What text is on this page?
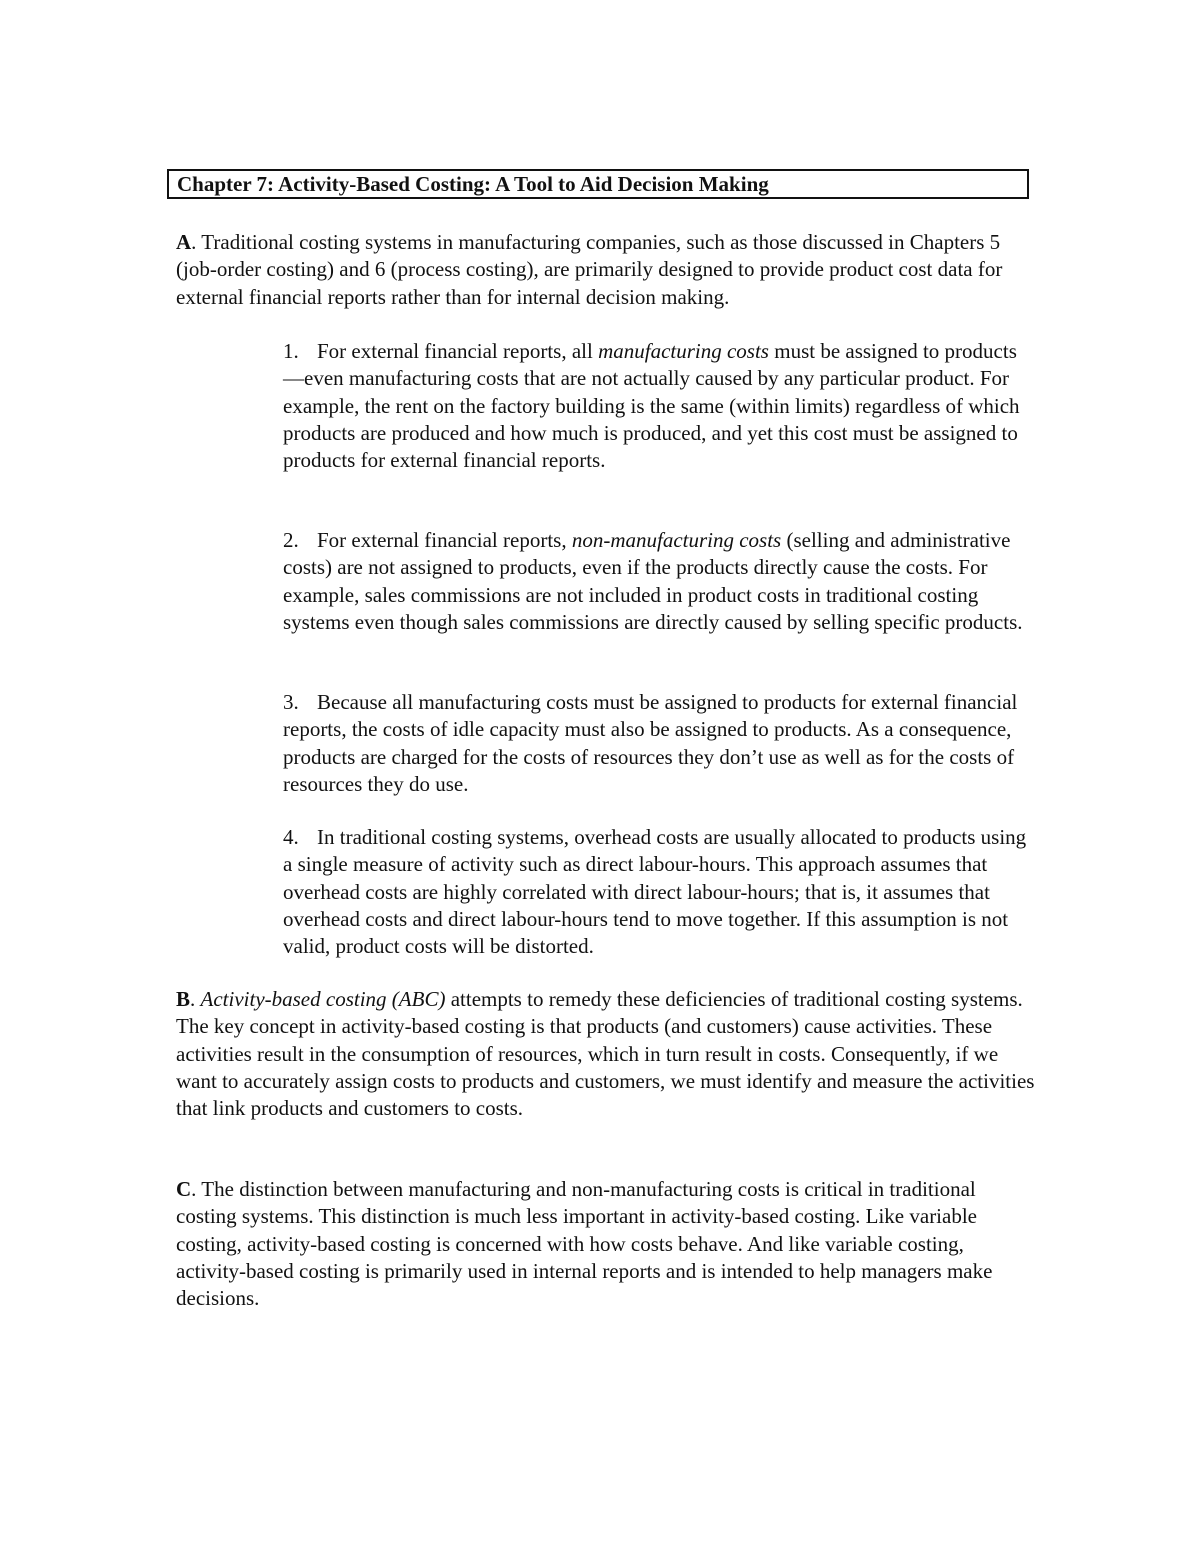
Chapter 7: Activity-Based Costing: A Tool to Aid Decision Making

A. Traditional costing systems in manufacturing companies, such as those discussed in Chapters 5 (job-order costing) and 6 (process costing), are primarily designed to provide product cost data for external financial reports rather than for internal decision making.

1. For external financial reports, all manufacturing costs must be assigned to products—even manufacturing costs that are not actually caused by any particular product. For example, the rent on the factory building is the same (within limits) regardless of which products are produced and how much is produced, and yet this cost must be assigned to products for external financial reports.

2. For external financial reports, non-manufacturing costs (selling and administrative costs) are not assigned to products, even if the products directly cause the costs. For example, sales commissions are not included in product costs in traditional costing systems even though sales commissions are directly caused by selling specific products.

3. Because all manufacturing costs must be assigned to products for external financial reports, the costs of idle capacity must also be assigned to products. As a consequence, products are charged for the costs of resources they don’t use as well as for the costs of resources they do use.

4. In traditional costing systems, overhead costs are usually allocated to products using a single measure of activity such as direct labour-hours. This approach assumes that overhead costs are highly correlated with direct labour-hours; that is, it assumes that overhead costs and direct labour-hours tend to move together. If this assumption is not valid, product costs will be distorted.

B. Activity-based costing (ABC) attempts to remedy these deficiencies of traditional costing systems. The key concept in activity-based costing is that products (and customers) cause activities. These activities result in the consumption of resources, which in turn result in costs. Consequently, if we want to accurately assign costs to products and customers, we must identify and measure the activities that link products and customers to costs.

C. The distinction between manufacturing and non-manufacturing costs is critical in traditional costing systems. This distinction is much less important in activity-based costing. Like variable costing, activity-based costing is concerned with how costs behave. And like variable costing, activity-based costing is primarily used in internal reports and is intended to help managers make decisions.
